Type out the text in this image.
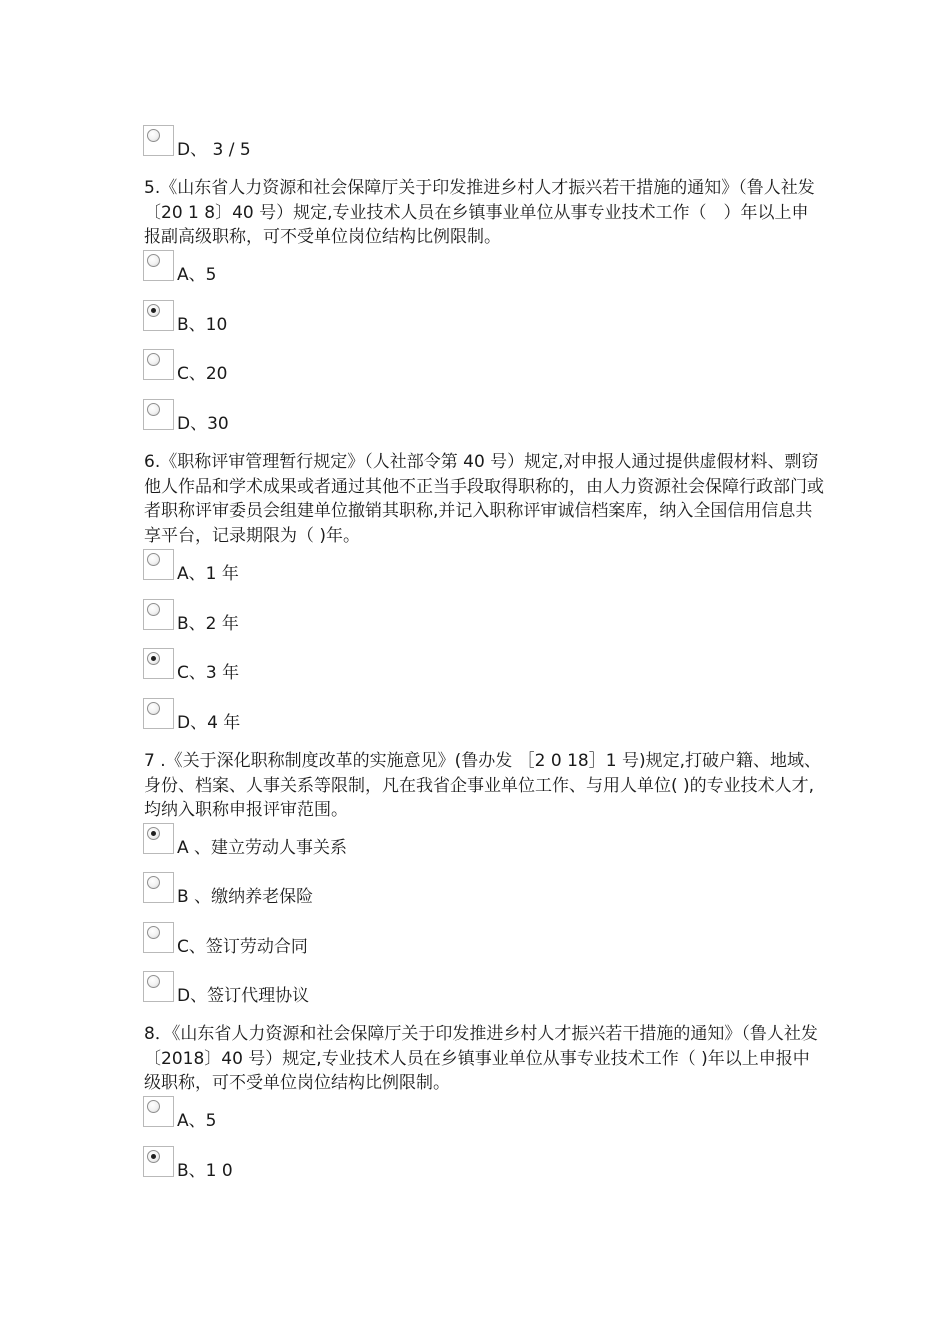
D、 3 / 5

5.《山东省人力资源和社会保障厅关于印发推进乡村人才振兴若干措施的通知》（鲁人社发〔20 1 8〕40 号）规定,专业技术人员在乡镇事业单位从事专业技术工作（　）年以上申报副高级职称，可不受单位岗位结构比例限制。

A、5
B、10
C、20
D、30

6.《职称评审管理暂行规定》（人社部令第 40 号）规定,对申报人通过提供虚假材料、剽窃他人作品和学术成果或者通过其他不正当手段取得职称的，由人力资源社会保障行政部门或者职称评审委员会组建单位撤销其职称,并记入职称评审诚信档案库，纳入全国信用信息共享平台，记录期限为（ )年。

A、1 年
B、2 年
C、3 年
D、4 年

7 .《关于深化职称制度改革的实施意见》(鲁办发 ［2 0 18］1 号)规定,打破户籍、地域、身份、档案、人事关系等限制，凡在我省企事业单位工作、与用人单位( )的专业技术人才,均纳入职称申报评审范围。

A 、建立劳动人事关系
B 、缴纳养老保险
C、签订劳动合同
D、签订代理协议

8．《山东省人力资源和社会保障厅关于印发推进乡村人才振兴若干措施的通知》（鲁人社发〔2018〕40 号）规定,专业技术人员在乡镇事业单位从事专业技术工作（ )年以上申报中级职称，可不受单位岗位结构比例限制。

A、5
B、1 0
